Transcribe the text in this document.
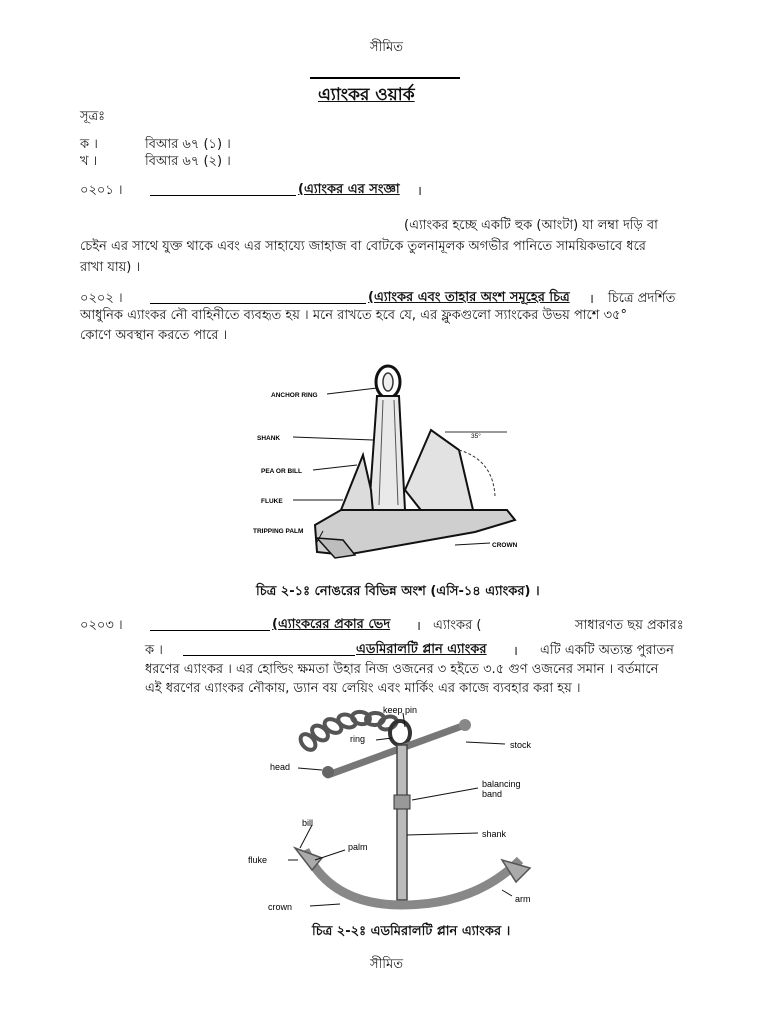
সীমিত
এ্যাংকর ওয়ার্ক
সূত্রঃ
ক ।	বিআর ৬৭ (১) ।
খ ।	বিআর ৬৭ (২) ।
০২০১ ।	(এ্যাংকর এর সংজ্ঞা ।
(এ্যাংকর হচ্ছে একটি হুক (আংটা) যা লম্বা দড়ি বা
চেইন এর সাথে যুক্ত থাকে এবং এর সাহায্যে জাহাজ বা বোটকে তুলনামূলক অগভীর পানিতে সাময়িকভাবে ধরে
রাখা যায়) ।
০২০২ ।	(এ্যাংকর এবং তাহার অংশ সমূহের চিত্র । চিত্রে প্রদর্শিত
আধুনিক এ্যাংকর নৌ বাহিনীতে ব্যবহৃত হয় । মনে রাখতে হবে যে, এর ফ্লুকগুলো স্যাংকের উভয় পাশে ৩৫°
কোণে অবস্থান করতে পারে ।
ANCHOR RING
SHANK
PEA OR BILL
FLUKE
TRIPPING PALM
CROWN
35°
চিত্র ২-১ঃ নোঙরের বিভিন্ন অংশ (এসি-১৪ এ্যাংকর) ।
০২০৩ ।	(এ্যাংকরের প্রকার ভেদ । এ্যাংকর (	সাধারণত ছয় প্রকারঃ
ক ।	এডমিরালটি প্লান এ্যাংকর । এটি একটি অত্যন্ত পুরাতন
ধরণের এ্যাংকর । এর হোল্ডিং ক্ষমতা উহার নিজ ওজনের ৩ হইতে ৩.৫ গুণ ওজনের সমান । বর্তমানে
এই ধরণের এ্যাংকর নৌকায়, ড্যান বয় লেয়িং এবং মার্কিং এর কাজে ব্যবহার করা হয় ।
keep pin
ring
stock
head
balancing
band
shank
bill
palm
fluke
crown
arm
চিত্র ২-২ঃ এডমিরালটি প্লান এ্যাংকর ।
সীমিত
